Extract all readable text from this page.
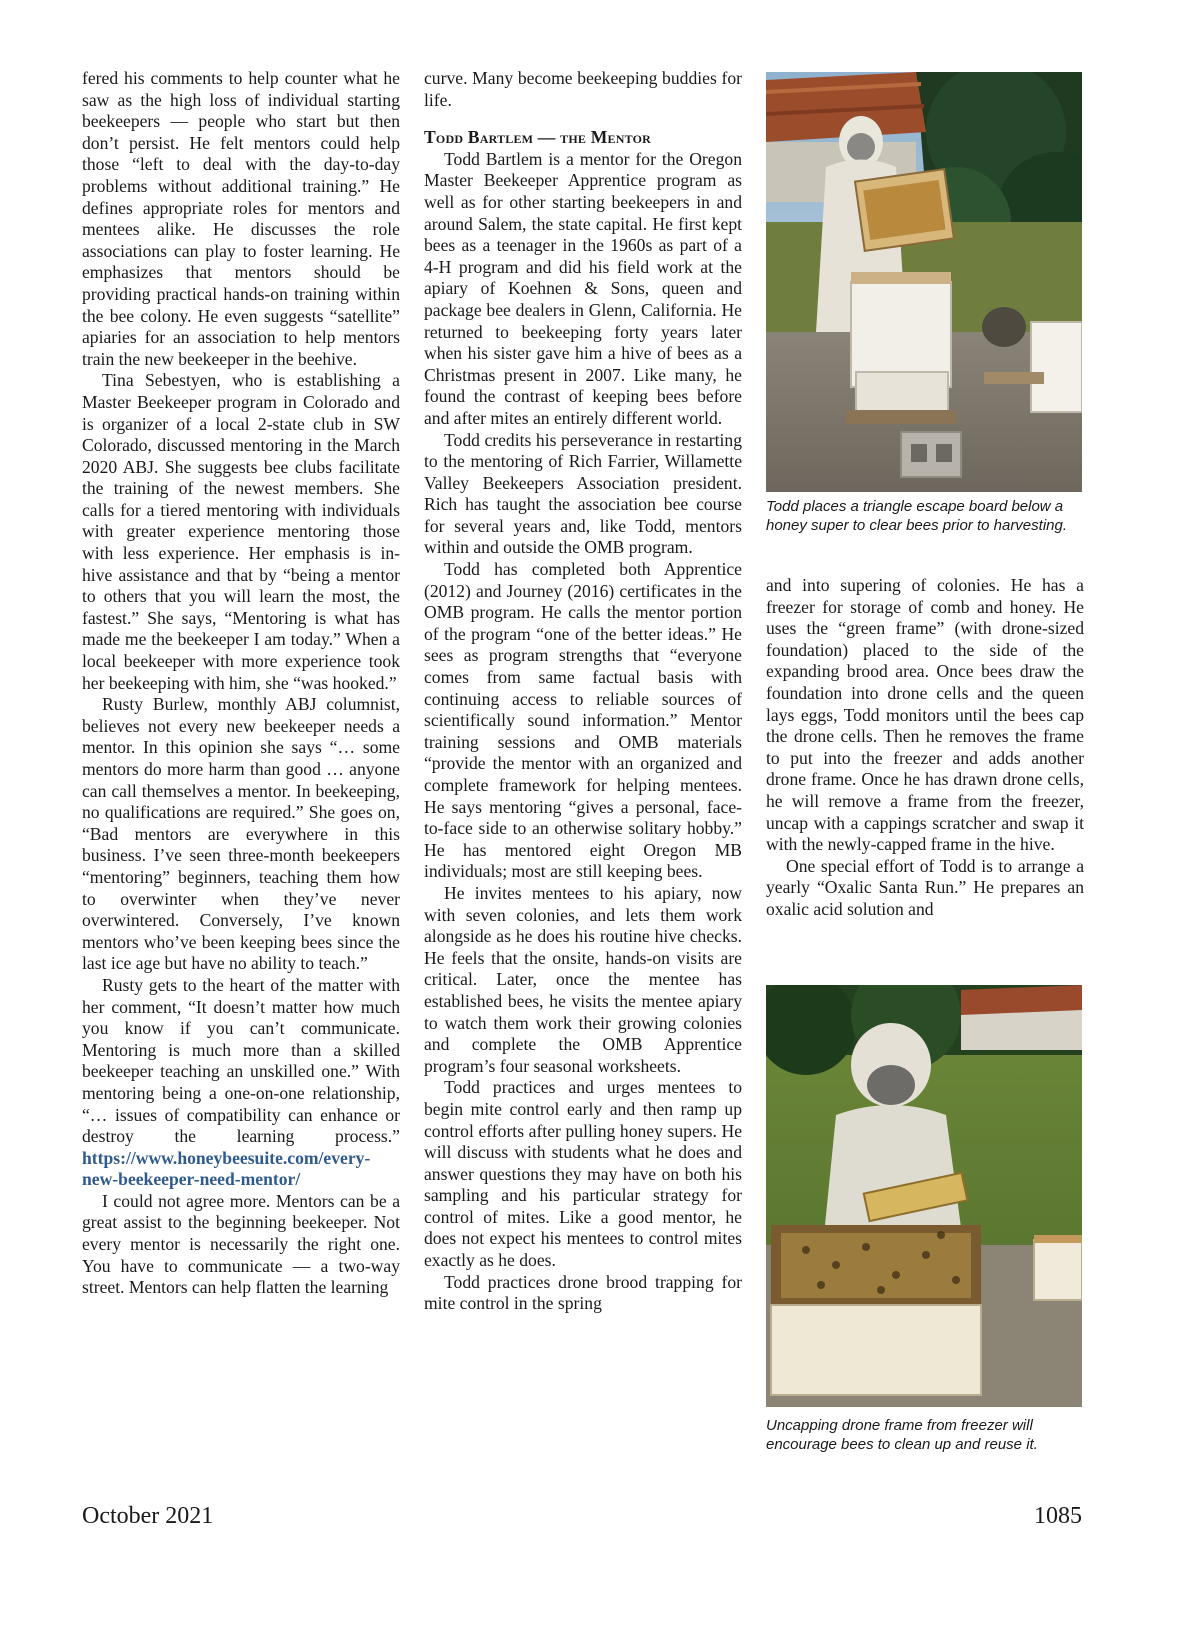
fered his comments to help counter what he saw as the high loss of individual starting beekeepers — people who start but then don’t persist. He felt mentors could help those “left to deal with the day-to-day problems without additional training.” He defines appropriate roles for mentors and mentees alike. He discusses the role associations can play to foster learning. He emphasizes that mentors should be providing practical hands-on training within the bee colony. He even suggests “satellite” apiaries for an association to help mentors train the new beekeeper in the beehive.

Tina Sebestyen, who is establishing a Master Beekeeper program in Colorado and is organizer of a local 2-state club in SW Colorado, discussed mentoring in the March 2020 ABJ. She suggests bee clubs facilitate the training of the newest members. She calls for a tiered mentoring with individuals with greater experience mentoring those with less experience. Her emphasis is in-hive assistance and that by “being a mentor to others that you will learn the most, the fastest.” She says, “Mentoring is what has made me the beekeeper I am today.” When a local beekeeper with more experience took her beekeeping with him, she “was hooked.”

Rusty Burlew, monthly ABJ columnist, believes not every new beekeeper needs a mentor. In this opinion she says “… some mentors do more harm than good … anyone can call themselves a mentor. In beekeeping, no qualifications are required.” She goes on, “Bad mentors are everywhere in this business. I’ve seen three-month beekeepers “mentoring” beginners, teaching them how to overwinter when they’ve never overwintered. Conversely, I’ve known mentors who’ve been keeping bees since the last ice age but have no ability to teach.”

Rusty gets to the heart of the matter with her comment, “It doesn’t matter how much you know if you can’t communicate. Mentoring is much more than a skilled beekeeper teaching an unskilled one.” With mentoring being a one-on-one relationship, “… issues of compatibility can enhance or destroy the learning process.” https://www.honeybeesuite.com/every-new-beekeeper-need-mentor/

I could not agree more. Mentors can be a great assist to the beginning beekeeper. Not every mentor is necessarily the right one. You have to communicate — a two-way street. Mentors can help flatten the learning

curve. Many become beekeeping buddies for life.

Todd Bartlem — the Mentor

Todd Bartlem is a mentor for the Oregon Master Beekeeper Apprentice program as well as for other starting beekeepers in and around Salem, the state capital. He first kept bees as a teenager in the 1960s as part of a 4-H program and did his field work at the apiary of Koehnen & Sons, queen and package bee dealers in Glenn, California. He returned to beekeeping forty years later when his sister gave him a hive of bees as a Christmas present in 2007. Like many, he found the contrast of keeping bees before and after mites an entirely different world.

Todd credits his perseverance in restarting to the mentoring of Rich Farrier, Willamette Valley Beekeepers Association president. Rich has taught the association bee course for several years and, like Todd, mentors within and outside the OMB program.

Todd has completed both Apprentice (2012) and Journey (2016) certificates in the OMB program. He calls the mentor portion of the program “one of the better ideas.” He sees as program strengths that “everyone comes from same factual basis with continuing access to reliable sources of scientifically sound information.” Mentor training sessions and OMB materials “provide the mentor with an organized and complete framework for helping mentees. He says mentoring “gives a personal, face-to-face side to an otherwise solitary hobby.” He has mentored eight Oregon MB individuals; most are still keeping bees.

He invites mentees to his apiary, now with seven colonies, and lets them work alongside as he does his routine hive checks. He feels that the onsite, hands-on visits are critical. Later, once the mentee has established bees, he visits the mentee apiary to watch them work their growing colonies and complete the OMB Apprentice program’s four seasonal worksheets.

Todd practices and urges mentees to begin mite control early and then ramp up control efforts after pulling honey supers. He will discuss with students what he does and answer questions they may have on both his sampling and his particular strategy for control of mites. Like a good mentor, he does not expect his mentees to control mites exactly as he does.

Todd practices drone brood trapping for mite control in the spring

Todd places a triangle escape board below a honey super to clear bees prior to harvesting.

and into supering of colonies. He has a freezer for storage of comb and honey. He uses the “green frame” (with drone-sized foundation) placed to the side of the expanding brood area. Once bees draw the foundation into drone cells and the queen lays eggs, Todd monitors until the bees cap the drone cells. Then he removes the frame to put into the freezer and adds another drone frame. Once he has drawn drone cells, he will remove a frame from the freezer, uncap with a cappings scratcher and swap it with the newly-capped frame in the hive.

One special effort of Todd is to arrange a yearly “Oxalic Santa Run.” He prepares an oxalic acid solution and

Uncapping drone frame from freezer will encourage bees to clean up and reuse it.
October 2021	1085
